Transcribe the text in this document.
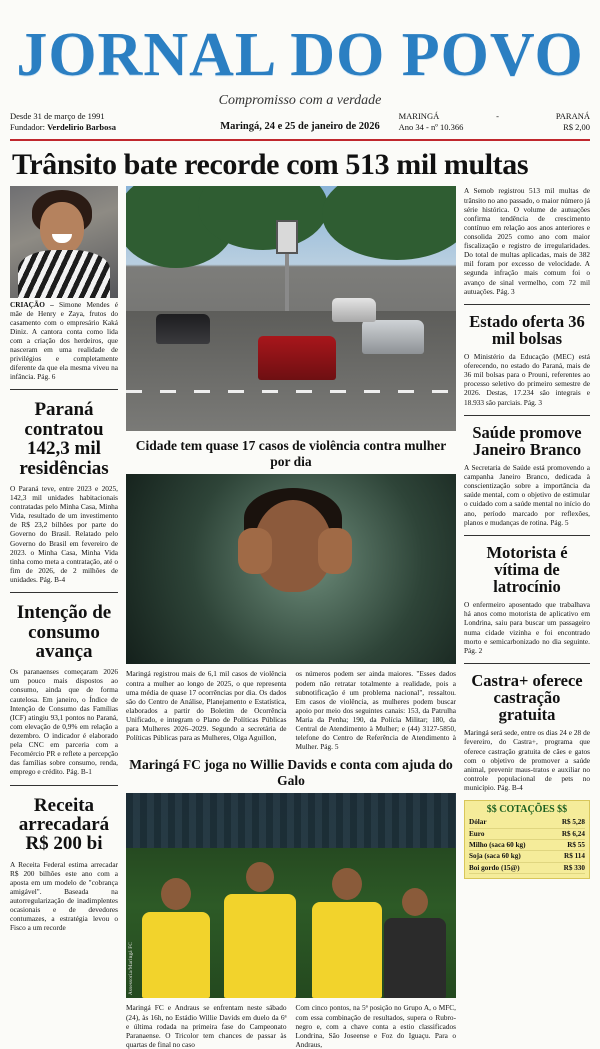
JORNAL DO POVO
Compromisso com a verdade
Desde 31 de março de 1991
Fundador: Verdelirio Barbosa	Maringá, 24 e 25 de janeiro de 2026
MARINGÁ	-	PARANÁ
Ano 34 - nº 10.366	R$ 2,00
Trânsito bate recorde com 513 mil multas
CRIAÇÃO – Simone Mendes é mãe de Henry e Zaya, frutos do casamento com o empresário Kaká Diniz. A cantora conta como lida com a criação dos herdeiros, que nasceram em uma realidade de privilégios e completamente diferente da que ela mesma viveu na infância. Pág. 6
Paraná contratou 142,3 mil residências
O Paraná teve, entre 2023 e 2025, 142,3 mil unidades habitacionais contratadas pelo Minha Casa, Minha Vida, resultado de um investimento de R$ 23,2 bilhões por parte do Governo do Brasil. Relatado pelo Governo do Brasil em fevereiro de 2023. o Minha Casa, Minha Vida tinha como meta a contratação, até o fim de 2026, de 2 milhões de unidades. Pág. B-4
Intenção de consumo avança
Os paranaenses começaram 2026 um pouco mais dispostos ao consumo, ainda que de forma cautelosa. Em janeiro, o Índice de Intenção de Consumo das Famílias (ICF) atingiu 93,1 pontos no Paraná, com elevação de 0,9% em relação a dezembro. O indicador é elaborado pela CNC em parceria com a Fecomércio PR e reflete a percepção das famílias sobre consumo, renda, emprego e crédito. Pág. B-1
Receita arrecadará R$ 200 bi
A Receita Federal estima arrecadar R$ 200 bilhões este ano com a aposta em um modelo de "cobrança amigável". Baseada na autorregularização de inadimplentes ocasionais e de devedores contumazes, a estratégia levou o Fisco a um recorde
Cidade tem quase 17 casos de violência contra mulher por dia
Maringá registrou mais de 6,1 mil casos de violência contra a mulher ao longo de 2025, o que representa uma média de quase 17 ocorrências por dia. Os dados são do Centro de Análise, Planejamento e Estatística, elaborados a partir do Boletim de Ocorrência Unificado, e integram o Plano de Políticas Públicas para Mulheres 2026–2029. Segundo a secretária de Políticas Públicas para as Mulheres, Olga Aguillon,
os números podem ser ainda maiores. "Esses dados podem não retratar totalmente a realidade, pois a subnotificação é um problema nacional", ressaltou. Em casos de violência, as mulheres podem buscar apoio por meio dos seguintes canais: 153, da Patrulha Maria da Penha; 190, da Polícia Militar; 180, da Central de Atendimento à Mulher; e (44) 3127-5850, telefone do Centro de Referência de Atendimento à Mulher. Pág. 5
Maringá FC joga no Willie Davids e conta com ajuda do Galo
Assessoria/Maringá FC
Maringá FC e Andraus se enfrentam neste sábado (24), às 16h, no Estádio Willie Davids em duelo da 6ª e última rodada na primeira fase do Campeonato Paranaense. O Tricolor tem chances de passar às quartas de final no caso
Com cinco pontos, na 5ª posição no Grupo A, o MFC, com essa combinação de resultados, supera o Rubro-negro e, com a chave conta a estio classificados Londrina, São Joseense e Foz do Iguaçu. Para o Andraus,
A Semob registrou 513 mil multas de trânsito no ano passado, o maior número já série histórica. O volume de autuações confirma tendência de crescimento contínuo em relação aos anos anteriores e consolida 2025 como ano com maior fiscalização e registro de irregularidades. Do total de multas aplicadas, mais de 382 mil foram por excesso de velocidade. A segunda infração mais comum foi o avanço de sinal vermelho, com 72 mil autuações. Pág. 3
Estado oferta 36 mil bolsas
O Ministério da Educação (MEC) está oferecendo, no estado do Paraná, mais de 36 mil bolsas para o Prouni, referentes ao processo seletivo do primeiro semestre de 2026. Destas, 17.234 são integrais e 18.933 são parciais. Pág. 3
Saúde promove Janeiro Branco
A Secretaria de Saúde está promovendo a campanha Janeiro Branco, dedicada à conscientização sobre a importância da saúde mental, com o objetivo de estimular o cuidado com a saúde mental no início do ano, período marcado por reflexões, planos e mudanças de rotina. Pág. 5
Motorista é vítima de latrocínio
O enfermeiro aposentado que trabalhava há anos como motorista de aplicativo em Londrina, saiu para buscar um passageiro numa cidade vizinha e foi encontrado morto e semicarbonizado no dia seguinte. Pág. 2
Castra+ oferece castração gratuita
Maringá será sede, entre os dias 24 e 28 de fevereiro, do Castra+, programa que oferece castração gratuita de cães e gatos com o objetivo de promover a saúde animal, prevenir maus-tratos e auxiliar no controle populacional de pets no município. Pág. B-4
$$ COTAÇÕES $$
Dólar	R$ 5,28
Euro	R$ 6,24
Milho (saca 60 kg)	R$ 55
Soja (saca 60 kg)	R$ 114
Boi gordo (15@)	R$ 330
